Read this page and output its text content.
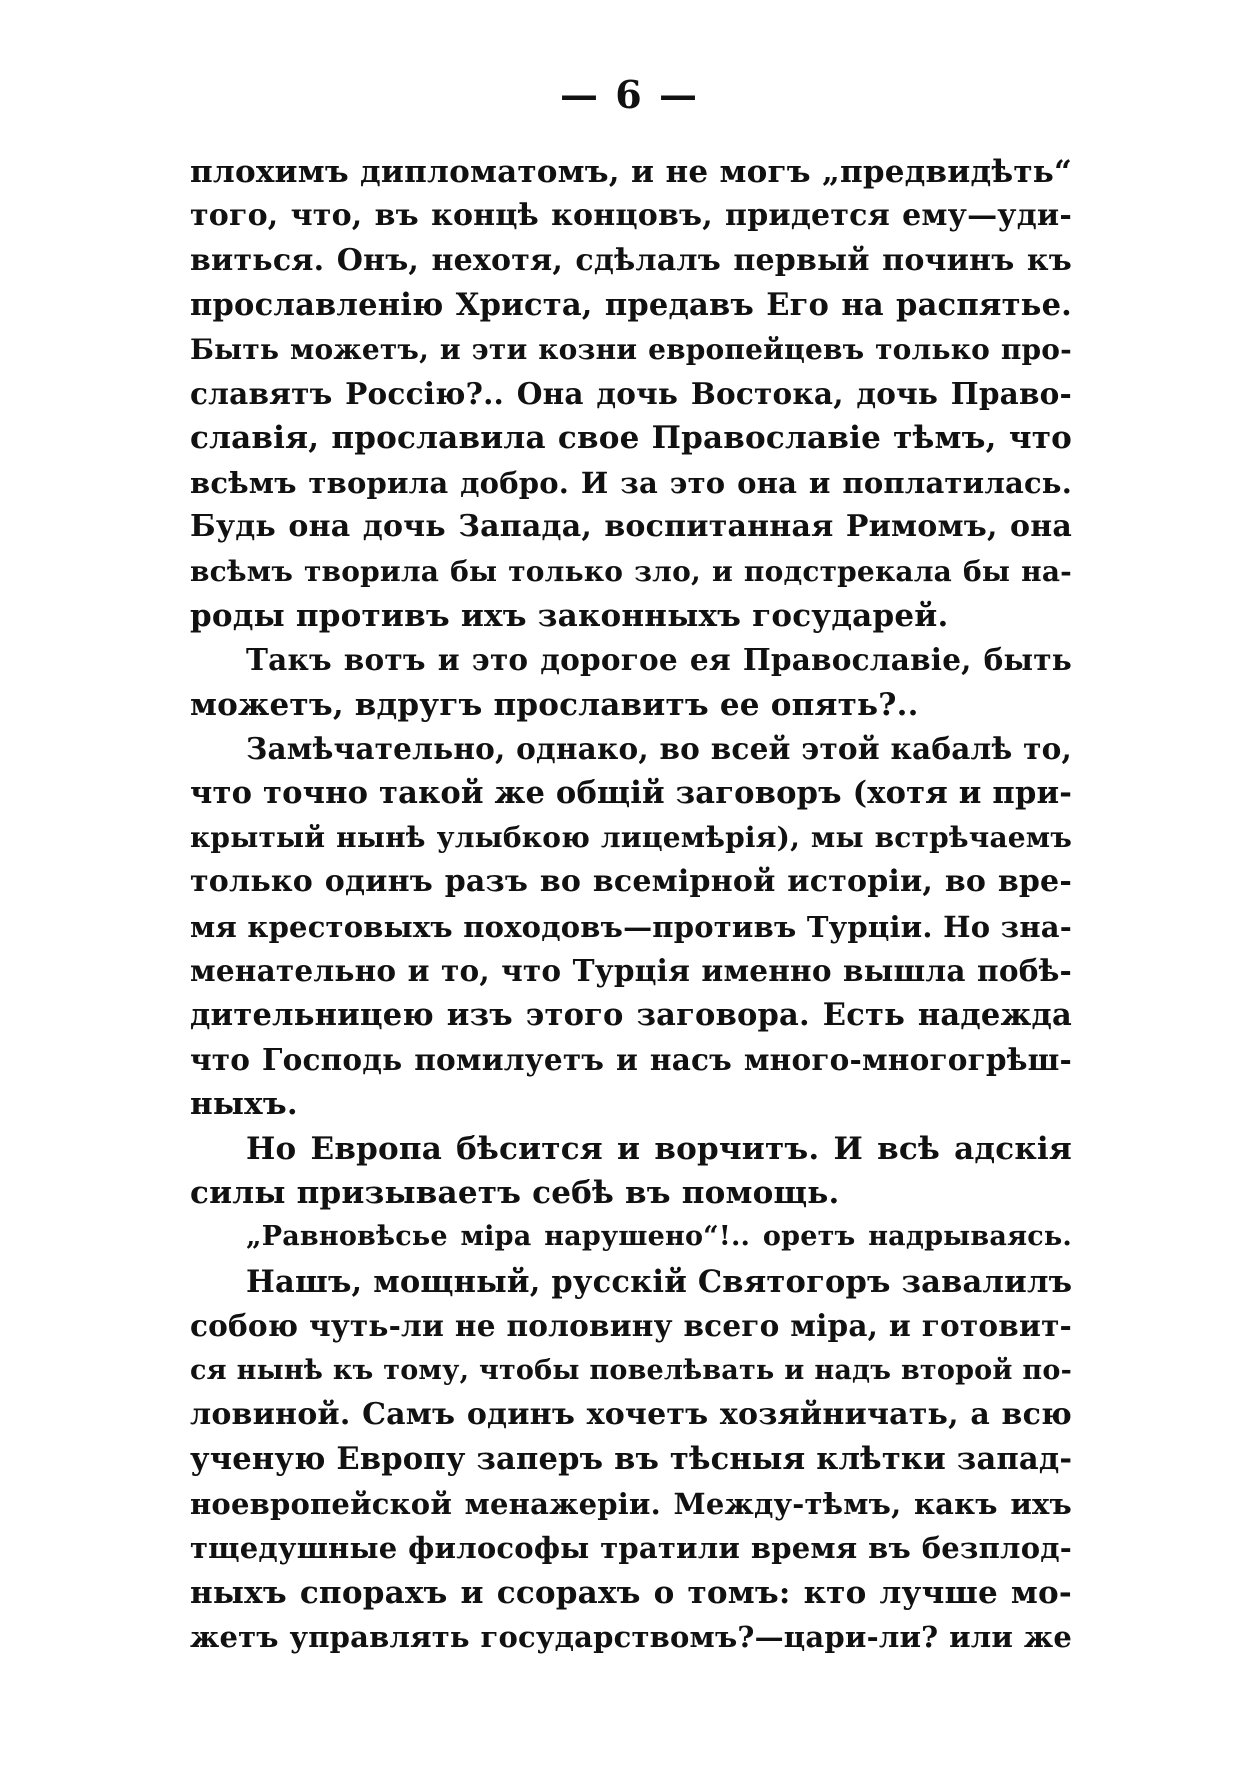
— 6 —
плохимъ дипломатомъ, и не могъ „предвидѣть“
того, что, въ концѣ концовъ, придется ему—уди-
виться. Онъ, нехотя, сдѣлалъ первый починъ къ
прославленію Христа, предавъ Его на распятье.
Быть можетъ, и эти козни европейцевъ только про-
славятъ Россію?.. Она дочь Востока, дочь Право-
славія, прославила свое Православіе тѣмъ, что
всѣмъ творила добро. И за это она и поплатилась.
Будь она дочь Запада, воспитанная Римомъ, она
всѣмъ творила бы только зло, и подстрекала бы на-
роды противъ ихъ законныхъ государей.
Такъ вотъ и это дорогое ея Православіе, быть
можетъ, вдругъ прославитъ ее опять?..
Замѣчательно, однако, во всей этой кабалѣ то,
что точно такой же общій заговоръ (хотя и при-
крытый нынѣ улыбкою лицемѣрія), мы встрѣчаемъ
только одинъ разъ во всемірной исторіи, во вре-
мя крестовыхъ походовъ—противъ Турціи. Но зна-
менательно и то, что Турція именно вышла побѣ-
дительницею изъ этого заговора. Есть надежда
что Господь помилуетъ и насъ много-многогрѣш-
ныхъ.
Но Европа бѣсится и ворчитъ. И всѣ адскія
силы призываетъ себѣ въ помощь.
„Равновѣсье міра нарушено“!.. оретъ надрываясь.
Нашъ, мощный, русскій Святогоръ завалилъ
собою чуть-ли не половину всего міра, и готовит-
ся нынѣ къ тому, чтобы повелѣвать и надъ второй по-
ловиной. Самъ одинъ хочетъ хозяйничать, а всю
ученую Европу заперъ въ тѣсныя клѣтки запад-
ноевропейской менажеріи. Между-тѣмъ, какъ ихъ
тщедушные философы тратили время въ безплод-
ныхъ спорахъ и ссорахъ о томъ: кто лучше мо-
жетъ управлять государствомъ?—цари-ли? или же
